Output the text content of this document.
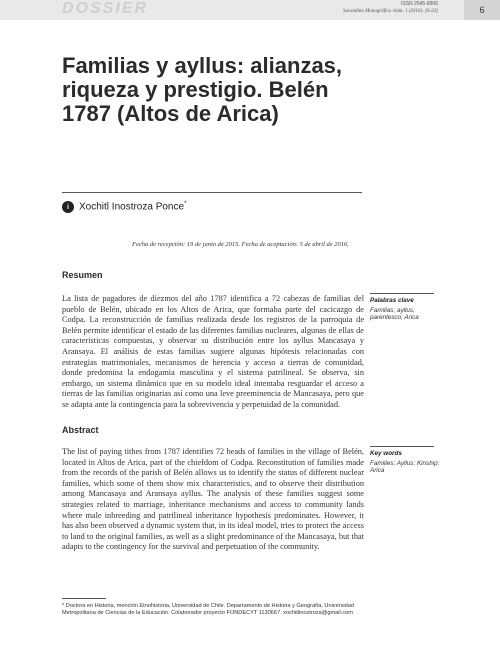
DOSSIER	ISSN 2545-8906
Surandino Monográfico /núm. 1 (2016): [6-23]	6
Familias y ayllus: alianzas, riqueza y prestigio. Belén 1787 (Altos de Arica)
i	Xochitl Inostroza Ponce*
Fecha de recepción: 19 de junio de 2015. Fecha de aceptación: 5 de abril de 2016.
Resumen
La lista de pagadores de diezmos del año 1787 identifica a 72 cabezas de familias del pueblo de Belén, ubicado en los Altos de Arica, que formaba parte del cacicazgo de Codpa. La reconstrucción de familias realizada desde los registros de la parroquia de Belén permite identificar el estado de las diferentes familias nucleares, algunas de ellas de características compuestas, y observar su distribución entre los ayllus Mancasaya y Aransaya. El análisis de estas familias sugiere algunas hipótesis relacionadas con estrategias matrimoniales, mecanismos de herencia y acceso a tierras de comunidad, donde predomina la endogamia masculina y el sistema patrilineal. Se observa, sin embargo, un sistema dinámico que en su modelo ideal intentaba resguardar el acceso a tierras de las familias originarias así como una leve preeminencia de Mancasaya, pero que se adapta ante la contingencia para la sobrevivencia y perpetuidad de la comunidad.
Palabras clave
Familias; ayllus; parentesco; Arica
Abstract
The list of paying tithes from 1787 identifies 72 heads of families in the village of Belén, located in Altos de Arica, part of the chiefdom of Codpa. Reconstitution of families made from the records of the parish of Belén allows us to identify the status of different nuclear families, which some of them show mix characteristics, and to observe their distribution among Mancasaya and Aransaya ayllus. The analysis of these families suggest some strategies related to marriage, inheritance mechanisms and access to community lands where male inbreeding and patrilineal inheritance hypothesis predominates. However, it has also been observed a dynamic system that, in its ideal model, tries to protect the access to land to the original families, as well as a slight predominance of the Mancasaya, but that adapts to the contingency for the survival and perpetuation of the community.
Key words
Families; Ayllus; Kinship; Arica
* Doctora en Historia, mención Etnohistoria, Universidad de Chile. Departamento de Historia y Geografía, Universidad Metropolitana de Ciencias de la Educación. Colaborador proyecto FONDECYT 1130667. xochitlinostroza@gmail.com
